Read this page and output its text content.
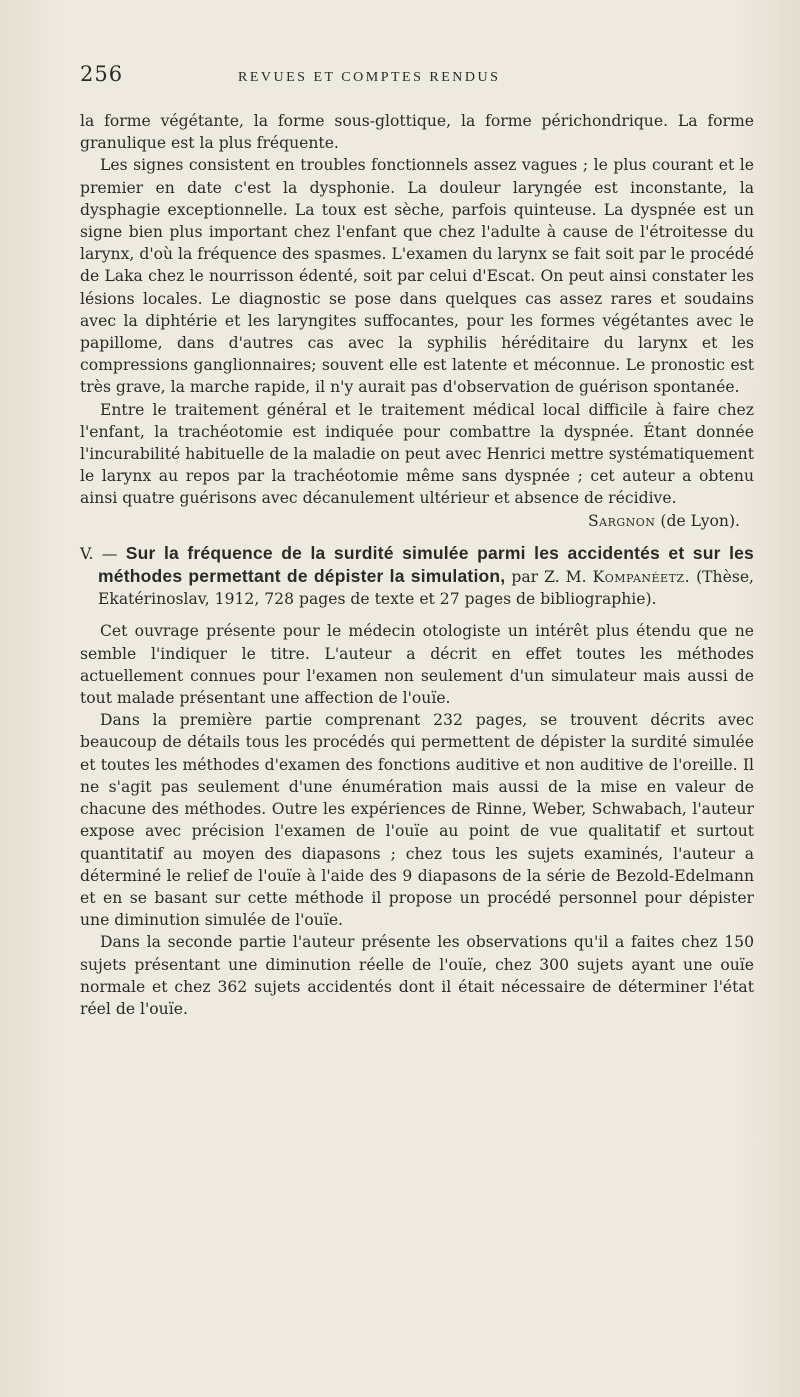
256	REVUES ET COMPTES RENDUS

la forme végétante, la forme sous-glottique, la forme périchondrique. La forme granulique est la plus fréquente.

Les signes consistent en troubles fonctionnels assez vagues ; le plus courant et le premier en date c'est la dysphonie. La douleur laryngée est inconstante, la dysphagie exceptionnelle. La toux est sèche, parfois quinteuse. La dyspnée est un signe bien plus important chez l'enfant que chez l'adulte à cause de l'étroitesse du larynx, d'où la fréquence des spasmes. L'examen du larynx se fait soit par le procédé de Laka chez le nourrisson édenté, soit par celui d'Escat. On peut ainsi constater les lésions locales. Le diagnostic se pose dans quelques cas assez rares et soudains avec la diphtérie et les laryngites suffocantes, pour les formes végétantes avec le papillome, dans d'autres cas avec la syphilis héréditaire du larynx et les compressions ganglionnaires; souvent elle est latente et méconnue. Le pronostic est très grave, la marche rapide, il n'y aurait pas d'observation de guérison spontanée.

Entre le traitement général et le traitement médical local difficile à faire chez l'enfant, la trachéotomie est indiquée pour combattre la dyspnée. Étant donnée l'incurabilité habituelle de la maladie on peut avec Henrici mettre systématiquement le larynx au repos par la trachéotomie même sans dyspnée ; cet auteur a obtenu ainsi quatre guérisons avec décanulement ultérieur et absence de récidive.

Sargnon (de Lyon).

V. — Sur la fréquence de la surdité simulée parmi les accidentés et sur les méthodes permettant de dépister la simulation, par Z. M. Kompanéetz. (Thèse, Ekatérinoslav, 1912, 728 pages de texte et 27 pages de bibliographie).

Cet ouvrage présente pour le médecin otologiste un intérêt plus étendu que ne semble l'indiquer le titre. L'auteur a décrit en effet toutes les méthodes actuellement connues pour l'examen non seulement d'un simulateur mais aussi de tout malade présentant une affection de l'ouïe.

Dans la première partie comprenant 232 pages, se trouvent décrits avec beaucoup de détails tous les procédés qui permettent de dépister la surdité simulée et toutes les méthodes d'examen des fonctions auditive et non auditive de l'oreille. Il ne s'agit pas seulement d'une énumération mais aussi de la mise en valeur de chacune des méthodes. Outre les expériences de Rinne, Weber, Schwabach, l'auteur expose avec précision l'examen de l'ouïe au point de vue qualitatif et surtout quantitatif au moyen des diapasons ; chez tous les sujets examinés, l'auteur a déterminé le relief de l'ouïe à l'aide des 9 diapasons de la série de Bezold-Edelmann et en se basant sur cette méthode il propose un procédé personnel pour dépister une diminution simulée de l'ouïe.

Dans la seconde partie l'auteur présente les observations qu'il a faites chez 150 sujets présentant une diminution réelle de l'ouïe, chez 300 sujets ayant une ouïe normale et chez 362 sujets accidentés dont il était nécessaire de déterminer l'état réel de l'ouïe.
